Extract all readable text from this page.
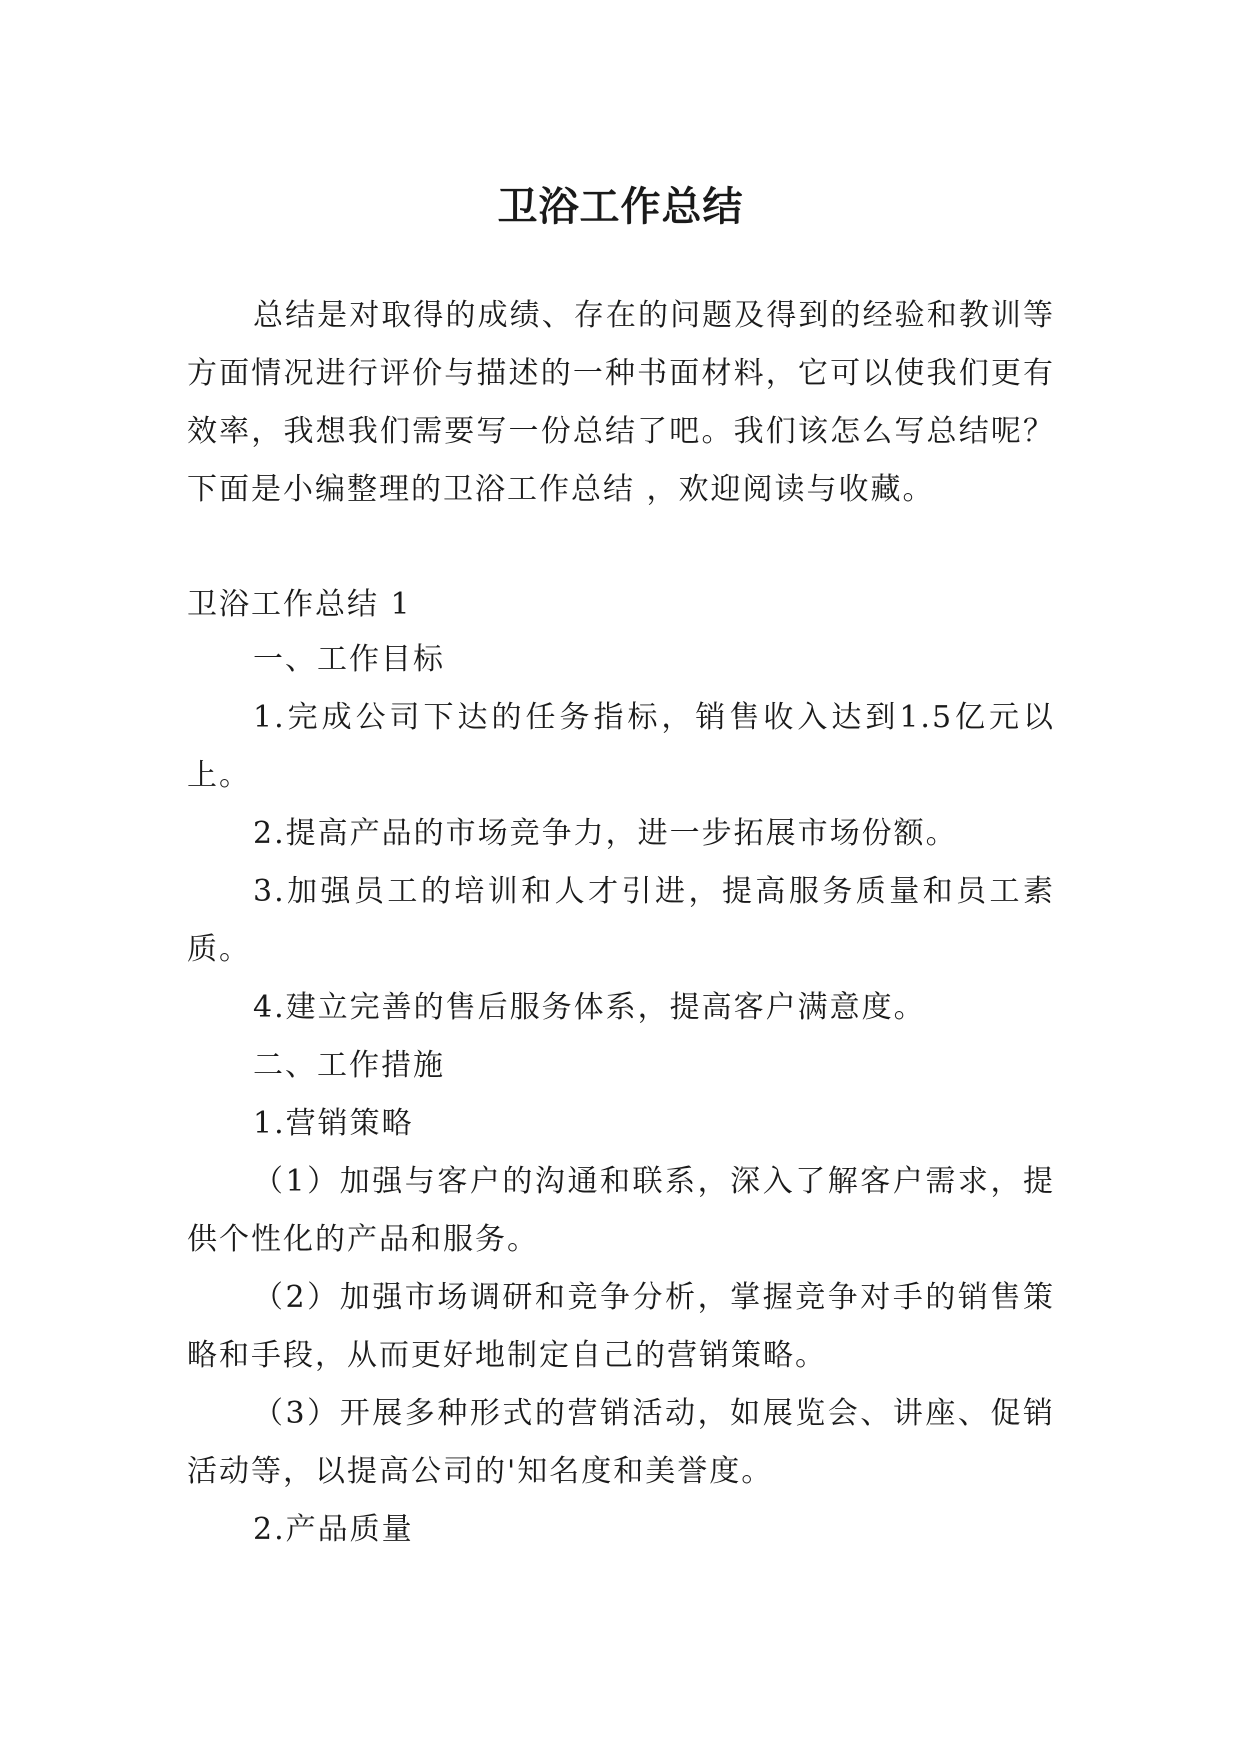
卫浴工作总结

总结是对取得的成绩、存在的问题及得到的经验和教训等方面情况进行评价与描述的一种书面材料，它可以使我们更有效率，我想我们需要写一份总结了吧。我们该怎么写总结呢？下面是小编整理的卫浴工作总结 ，欢迎阅读与收藏。

卫浴工作总结 1

一、工作目标

1.完成公司下达的任务指标，销售收入达到1.5亿元以上。

2.提高产品的市场竞争力，进一步拓展市场份额。

3.加强员工的培训和人才引进，提高服务质量和员工素质。

4.建立完善的售后服务体系，提高客户满意度。

二、工作措施

1.营销策略

（1）加强与客户的沟通和联系，深入了解客户需求，提供个性化的产品和服务。

（2）加强市场调研和竞争分析，掌握竞争对手的销售策略和手段，从而更好地制定自己的营销策略。

（3）开展多种形式的营销活动，如展览会、讲座、促销活动等，以提高公司的'知名度和美誉度。

2.产品质量
